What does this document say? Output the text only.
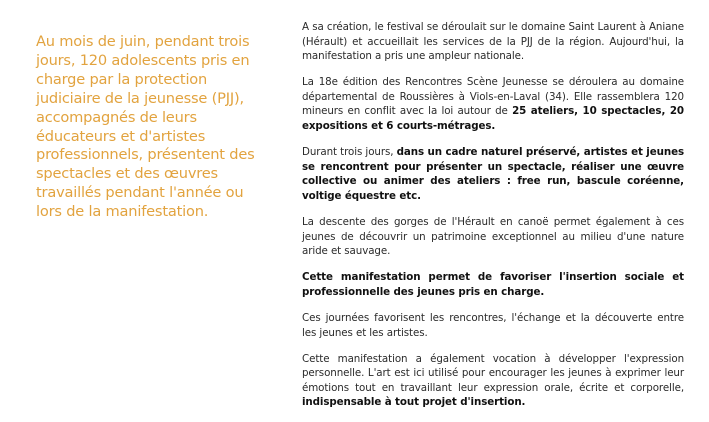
Au mois de juin, pendant trois jours, 120 adolescents pris en charge par la protection judiciaire de la jeunesse (PJJ), accompagnés de leurs éducateurs et d'artistes professionnels, présentent des spectacles et des œuvres travaillés pendant l'année ou lors de la manifestation.

A sa création, le festival se déroulait sur le domaine Saint Laurent à Aniane (Hérault) et accueillait les services de la PJJ de la région. Aujourd'hui, la manifestation a pris une ampleur nationale.

La 18e édition des Rencontres Scène Jeunesse se déroulera au domaine départemental de Roussières à Viols-en-Laval (34). Elle rassemblera 120 mineurs en conflit avec la loi autour de 25 ateliers, 10 spectacles, 20 expositions et 6 courts-métrages.

Durant trois jours, dans un cadre naturel préservé, artistes et jeunes se rencontrent pour présenter un spectacle, réaliser une œuvre collective ou animer des ateliers : free run, bascule coréenne, voltige équestre etc.

La descente des gorges de l'Hérault en canoë permet également à ces jeunes de découvrir un patrimoine exceptionnel au milieu d'une nature aride et sauvage.

Cette manifestation permet de favoriser l'insertion sociale et professionnelle des jeunes pris en charge.

Ces journées favorisent les rencontres, l'échange et la découverte entre les jeunes et les artistes.

Cette manifestation a également vocation à développer l'expression personnelle. L'art est ici utilisé pour encourager les jeunes à exprimer leur émotions tout en travaillant leur expression orale, écrite et corporelle, indispensable à tout projet d'insertion.
